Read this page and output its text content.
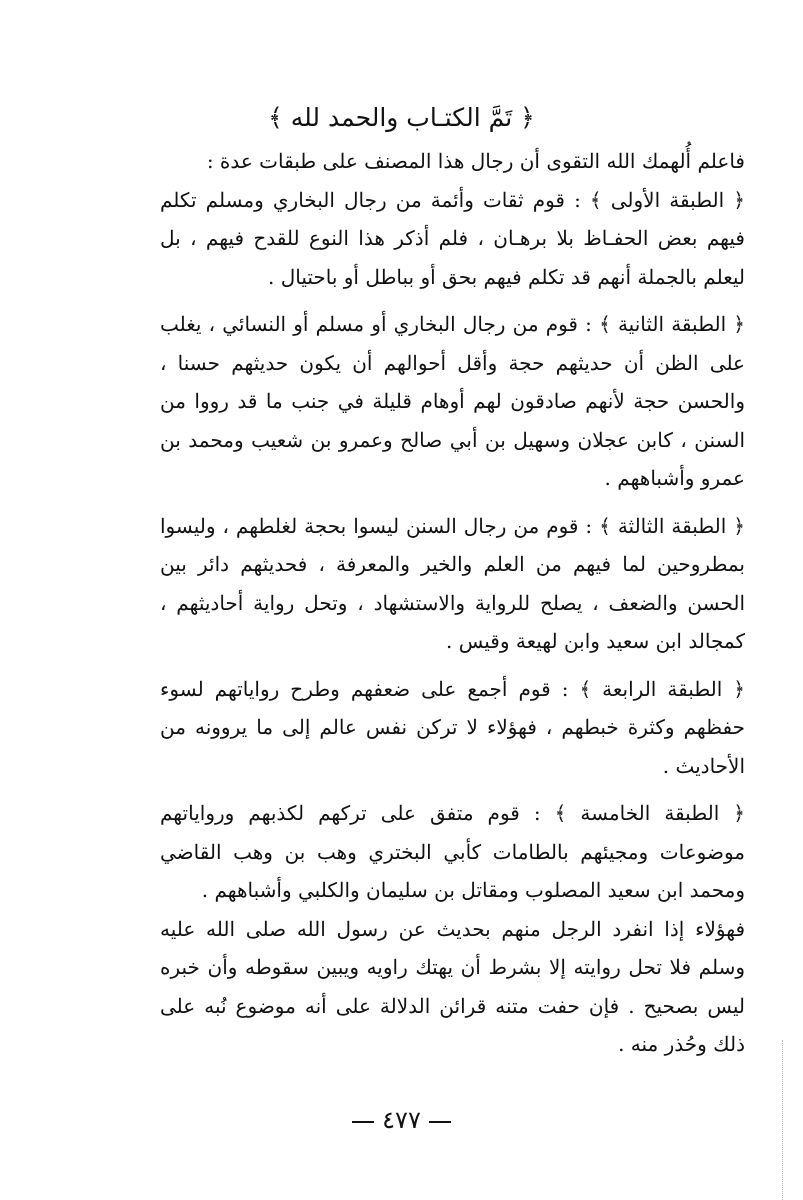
﴿ تَمَّ الكتـاب والحمد لله ﴾

فاعلم أُلهمك الله التقوى أن رجال هذا المصنف على طبقات عدة :

﴿ الطبقة الأولى ﴾ : قوم ثقات وأئمة من رجال البخاري ومسلم تكلم فيهم بعض الحفـاظ بلا برهـان ، فلم أذكر هذا النوع للقدح فيهم ، بل ليعلم بالجملة أنهم قد تكلم فيهم بحق أو بباطل أو باحتيال .

﴿ الطبقة الثانية ﴾ : قوم من رجال البخاري أو مسلم أو النسائي ، يغلب على الظن أن حديثهم حجة وأقل أحوالهم أن يكون حديثهم حسنا ، والحسن حجة لأنهم صادقون لهم أوهام قليلة في جنب ما قد رووا من السنن ، كابن عجلان وسهيل بن أبي صالح وعمرو بن شعيب ومحمد بن عمرو وأشباههم .

﴿ الطبقة الثالثة ﴾ : قوم من رجال السنن ليسوا بحجة لغلطهم ، وليسوا بمطروحين لما فيهم من العلم والخير والمعرفة ، فحديثهم دائر بين الحسن والضعف ، يصلح للرواية والاستشهاد ، وتحل رواية أحاديثهم ، كمجالد ابن سعيد وابن لهيعة وقيس .

﴿ الطبقة الرابعة ﴾ : قوم أجمع على ضعفهم وطرح رواياتهم لسوء حفظهم وكثرة خبطهم ، فهؤلاء لا تركن نفس عالم إلى ما يروونه من الأحاديث .

﴿ الطبقة الخامسة ﴾ : قوم متفق على تركهم لكذبهم ورواياتهم موضوعات ومجيئهم بالطامات كأبي البختري وهب بن وهب القاضي ومحمد ابن سعيد المصلوب ومقاتل بن سليمان والكلبي وأشباههم .

فهؤلاء إذا انفرد الرجل منهم بحديث عن رسول الله صلى الله عليه وسلم فلا تحل روايته إلا بشرط أن يهتك راويه ويبين سقوطه وأن خبره ليس بصحيح . فإن حفت متنه قرائن الدلالة على أنه موضوع نُبه على ذلك وحُذر منه .

٤٧٧
